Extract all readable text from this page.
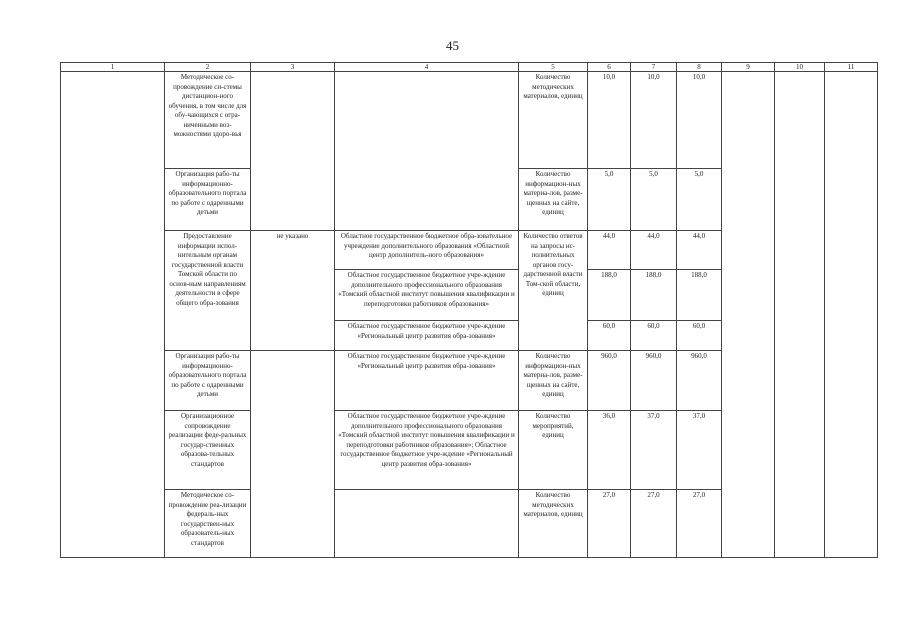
45
1	2	3	4	5	6	7	8	9	10	11
	Методическое со-провождение си-стемы дистанцион-ного обучения, в том числе для обу-чающихся с огра-ниченными воз-можностями здоро-вья			Количество методических материалов, единиц	10,0	10,0	10,0			
	Организация рабо-ты информационно-образовательного портала по работе с одаренными детьми			Количество информацион-ных материа-лов, разме-щенных на сайте, единиц	5,0	5,0	5,0			
	Предоставление информации испол-нительным органам государственной власти Томской области по основ-ным направлениям деятельности в сфере общего обра-зования	не указано	Областное государственное бюджетное обра-зовательное учреждение дополнительного образования «Областной центр дополнитель-ного образования»	Количество ответов на запросы ис-полнительных органов госу-дарственной власти Том-ской области, единиц	44,0	44,0	44,0			
			Областное государственное бюджетное учре-ждение дополнительного профессионального образования «Томский областной институт повышения квалификации и переподготовки работников образования»		188,0	188,0	188,0			
			Областное государственное бюджетное учре-ждение «Региональный центр развития обра-зования»		60,0	60,0	60,0			
	Организация рабо-ты информационно-образовательного портала по работе с одаренными детьми		Областное государственное бюджетное учре-ждение «Региональный центр развития обра-зования»	Количество информацион-ных материа-лов, разме-щенных на сайте, единиц	960,0	960,0	960,0			
	Организационное сопровождение реализации феде-ральных государ-ственных образова-тельных стандартов		Областное государственное бюджетное учре-ждение дополнительного профессионального образования «Томский областной институт повышения квалификации и переподготовки работников образования»; Областное государственное бюджетное учре-ждение «Региональный центр развития обра-зования»	Количество мероприятий, единиц	36,0	37,0	37,0			
	Методическое со-провождение реа-лизации федераль-ных государствен-ных образователь-ных стандартов			Количество методических материалов, единиц	27,0	27,0	27,0			
